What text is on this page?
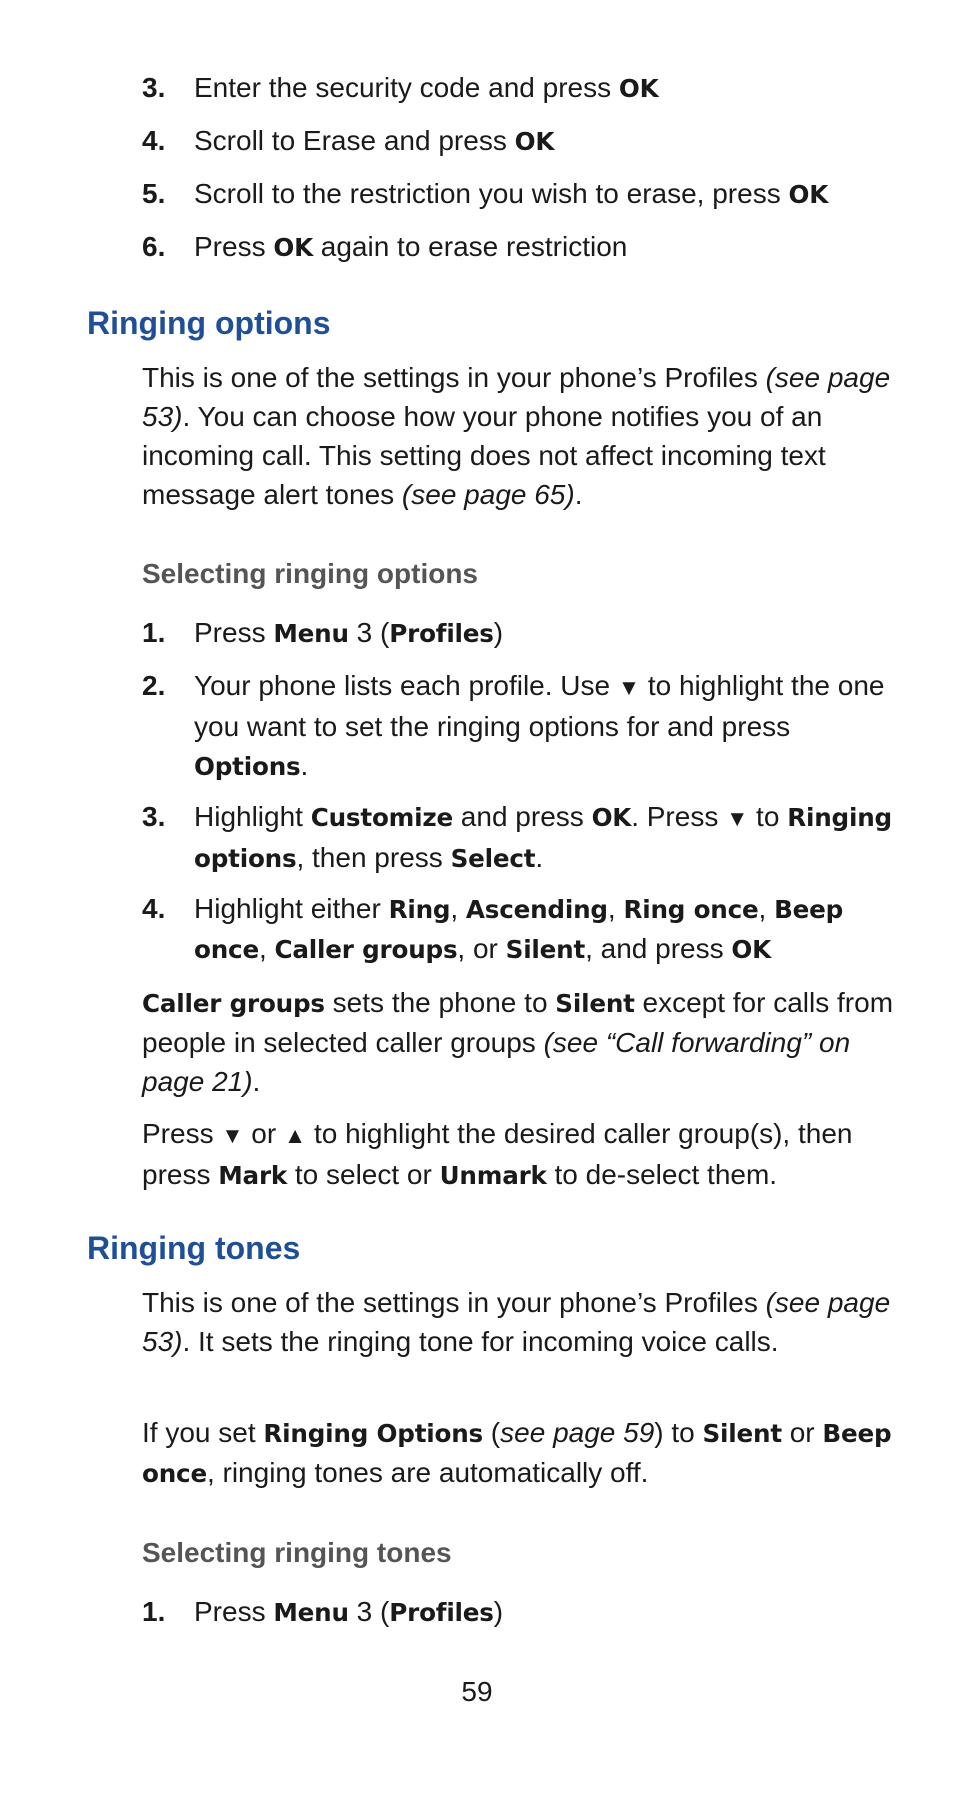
3. Enter the security code and press OK

4. Scroll to Erase and press OK

5. Scroll to the restriction you wish to erase, press OK

6. Press OK again to erase restriction

Ringing options

This is one of the settings in your phone’s Profiles (see page 53). You can choose how your phone notifies you of an incoming call. This setting does not affect incoming text message alert tones (see page 65).

Selecting ringing options

1. Press Menu 3 (Profiles)

2. Your phone lists each profile. Use ▼ to highlight the one you want to set the ringing options for and press Options.

3. Highlight Customize and press OK. Press ▼ to Ringing options, then press Select.

4. Highlight either Ring, Ascending, Ring once, Beep once, Caller groups, or Silent, and press OK

Caller groups sets the phone to Silent except for calls from people in selected caller groups (see “Call forwarding” on page 21).

Press ▼ or ▲ to highlight the desired caller group(s), then press Mark to select or Unmark to de-select them.

Ringing tones

This is one of the settings in your phone’s Profiles (see page 53). It sets the ringing tone for incoming voice calls.

If you set Ringing Options (see page 59) to Silent or Beep once, ringing tones are automatically off.

Selecting ringing tones

1. Press Menu 3 (Profiles)

59
